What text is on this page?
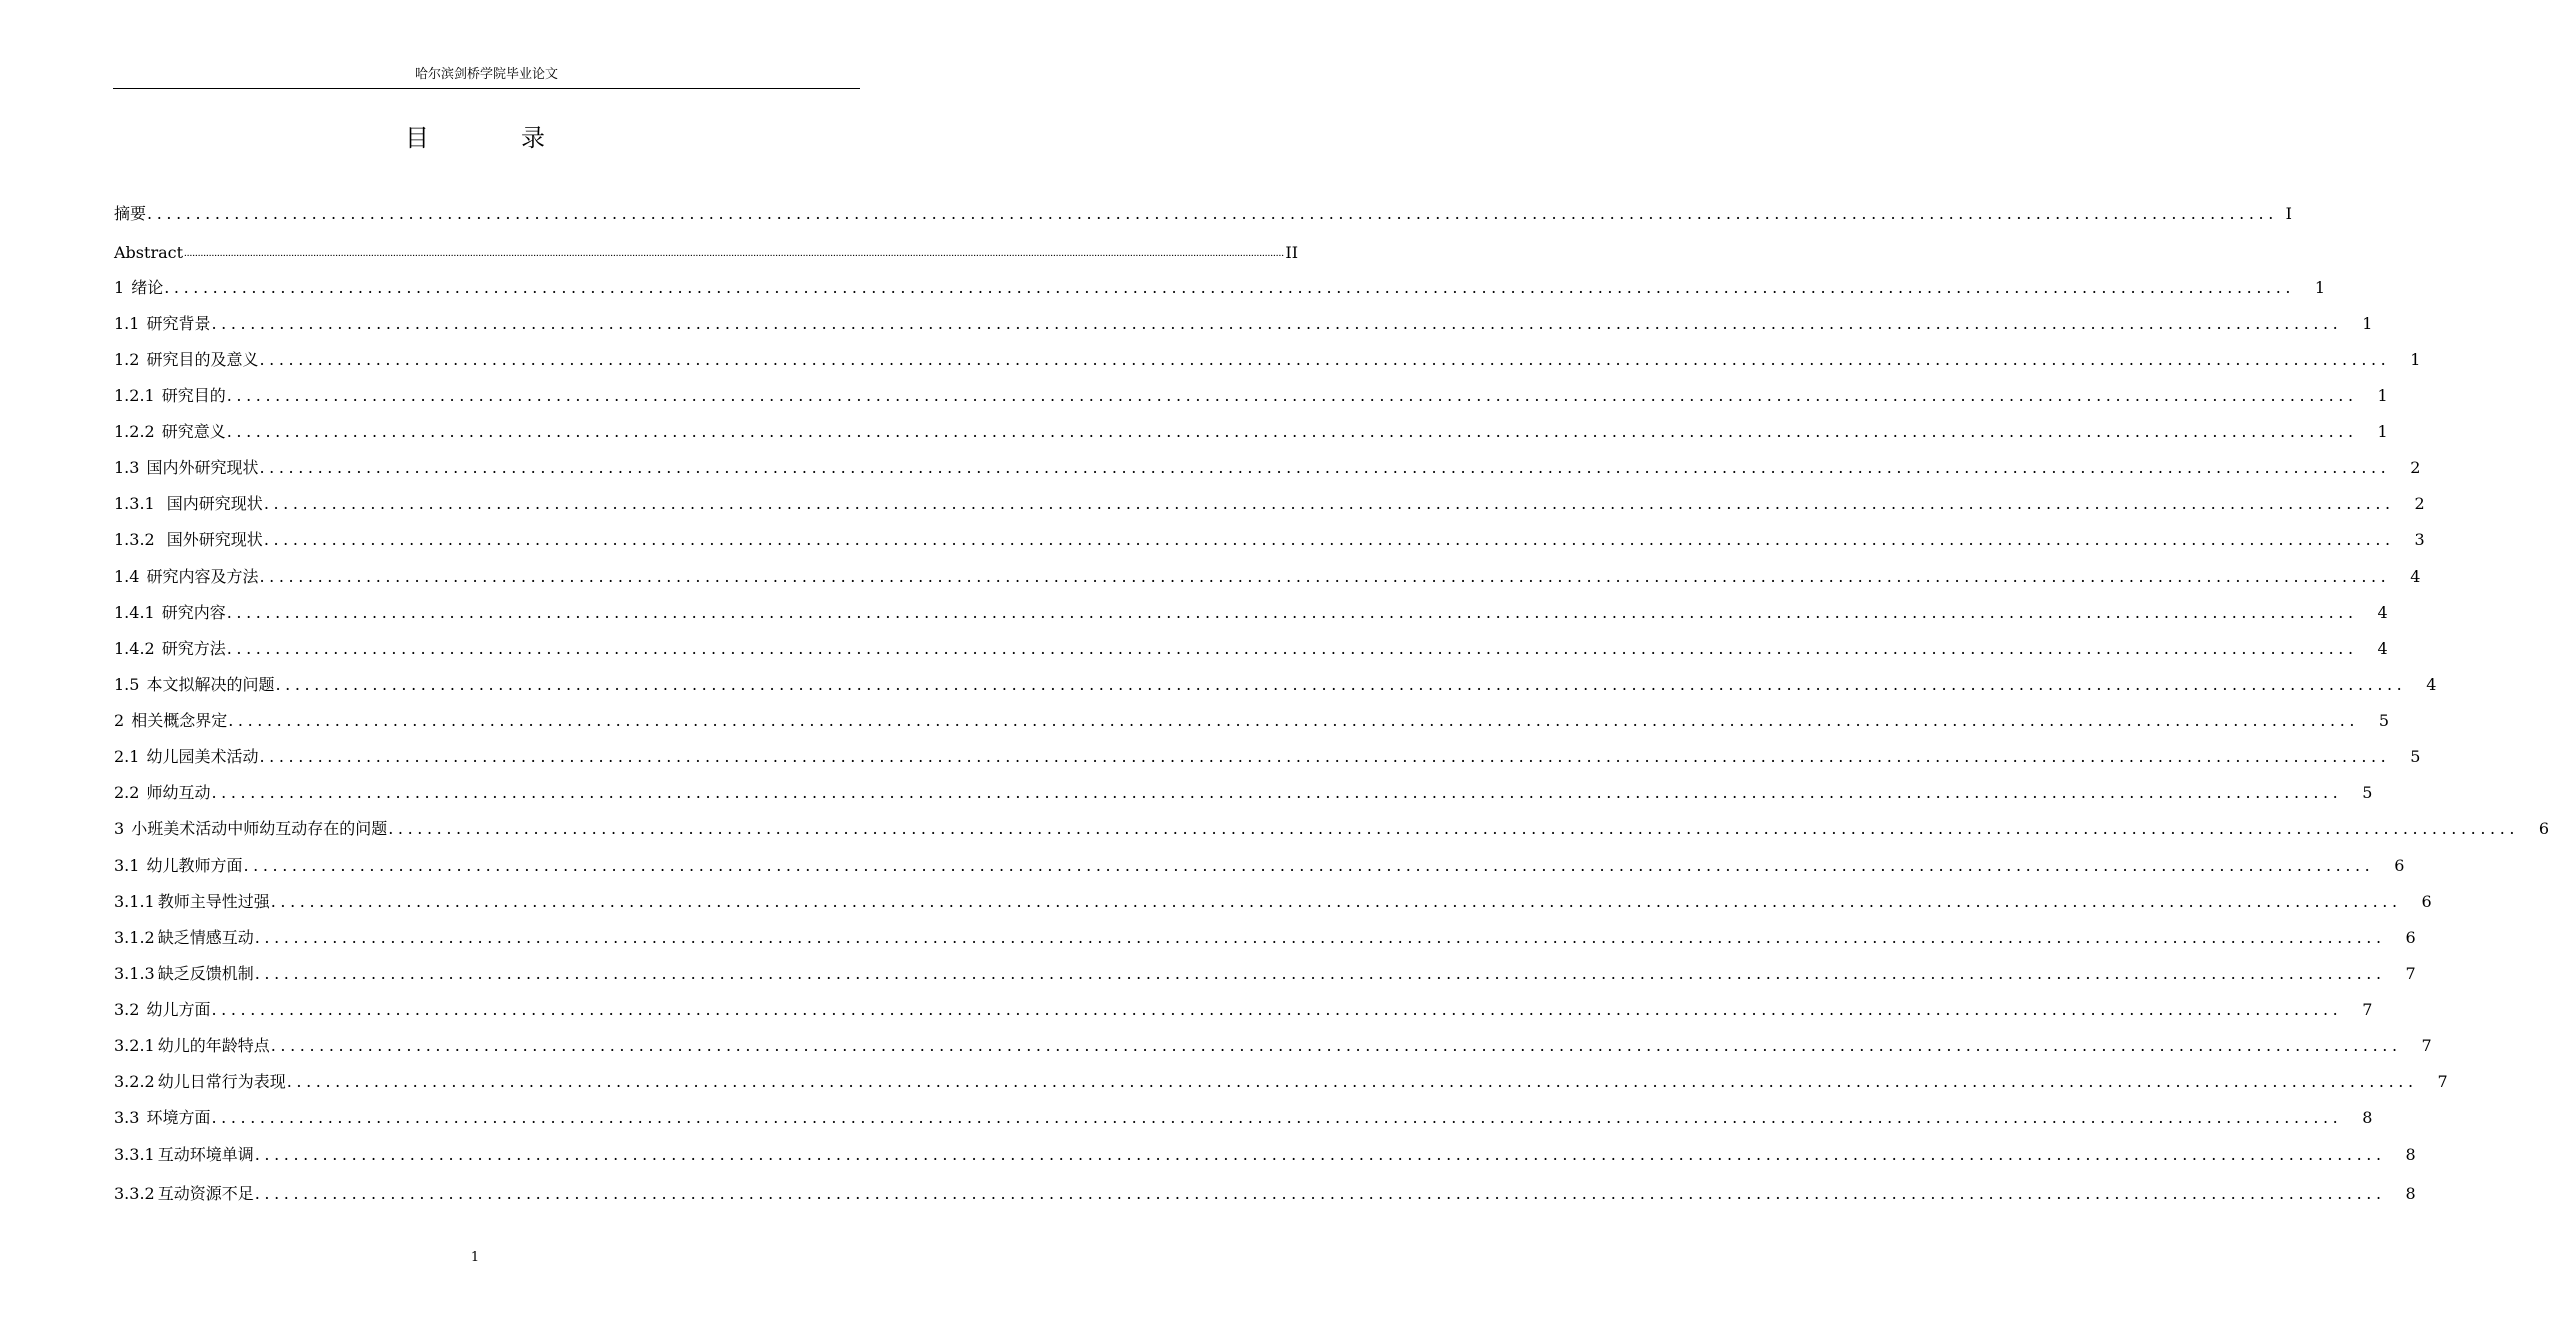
哈尔滨剑桥学院毕业论文
目　录
摘要 ............................................................................................................................................................................................................................ I
Abstract ................................................................................................................................................................................................................................................................................................................................................................................................................ II
1 绪论 ............................................................................................................................................................................................................................ 1
1.1 研究背景 ............................................................................................................................................................................................................................ 1
1.2 研究目的及意义 ............................................................................................................................................................................................................................ 1
1.2.1 研究目的 ............................................................................................................................................................................................................................ 1
1.2.2 研究意义 ............................................................................................................................................................................................................................ 1
1.3 国内外研究现状 ............................................................................................................................................................................................................................ 2
1.3.1 国内研究现状 ............................................................................................................................................................................................................................ 2
1.3.2 国外研究现状 ............................................................................................................................................................................................................................ 3
1.4 研究内容及方法 ............................................................................................................................................................................................................................ 4
1.4.1 研究内容 ............................................................................................................................................................................................................................ 4
1.4.2 研究方法 ............................................................................................................................................................................................................................ 4
1.5 本文拟解决的问题 ............................................................................................................................................................................................................................ 4
2 相关概念界定 ............................................................................................................................................................................................................................ 5
2.1 幼儿园美术活动 ............................................................................................................................................................................................................................ 5
2.2 师幼互动 ............................................................................................................................................................................................................................ 5
3 小班美术活动中师幼互动存在的问题 ............................................................................................................................................................................................................................ 6
3.1 幼儿教师方面 ............................................................................................................................................................................................................................ 6
3.1.1 教师主导性过强 ............................................................................................................................................................................................................................ 6
3.1.2 缺乏情感互动 ............................................................................................................................................................................................................................ 6
3.1.3 缺乏反馈机制 ............................................................................................................................................................................................................................ 7
3.2 幼儿方面 ............................................................................................................................................................................................................................ 7
3.2.1 幼儿的年龄特点 ............................................................................................................................................................................................................................ 7
3.2.2 幼儿日常行为表现 ............................................................................................................................................................................................................................ 7
3.3 环境方面 ............................................................................................................................................................................................................................ 8
3.3.1 互动环境单调 ............................................................................................................................................................................................................................ 8
3.3.2 互动资源不足 ............................................................................................................................................................................................................................ 8
1
